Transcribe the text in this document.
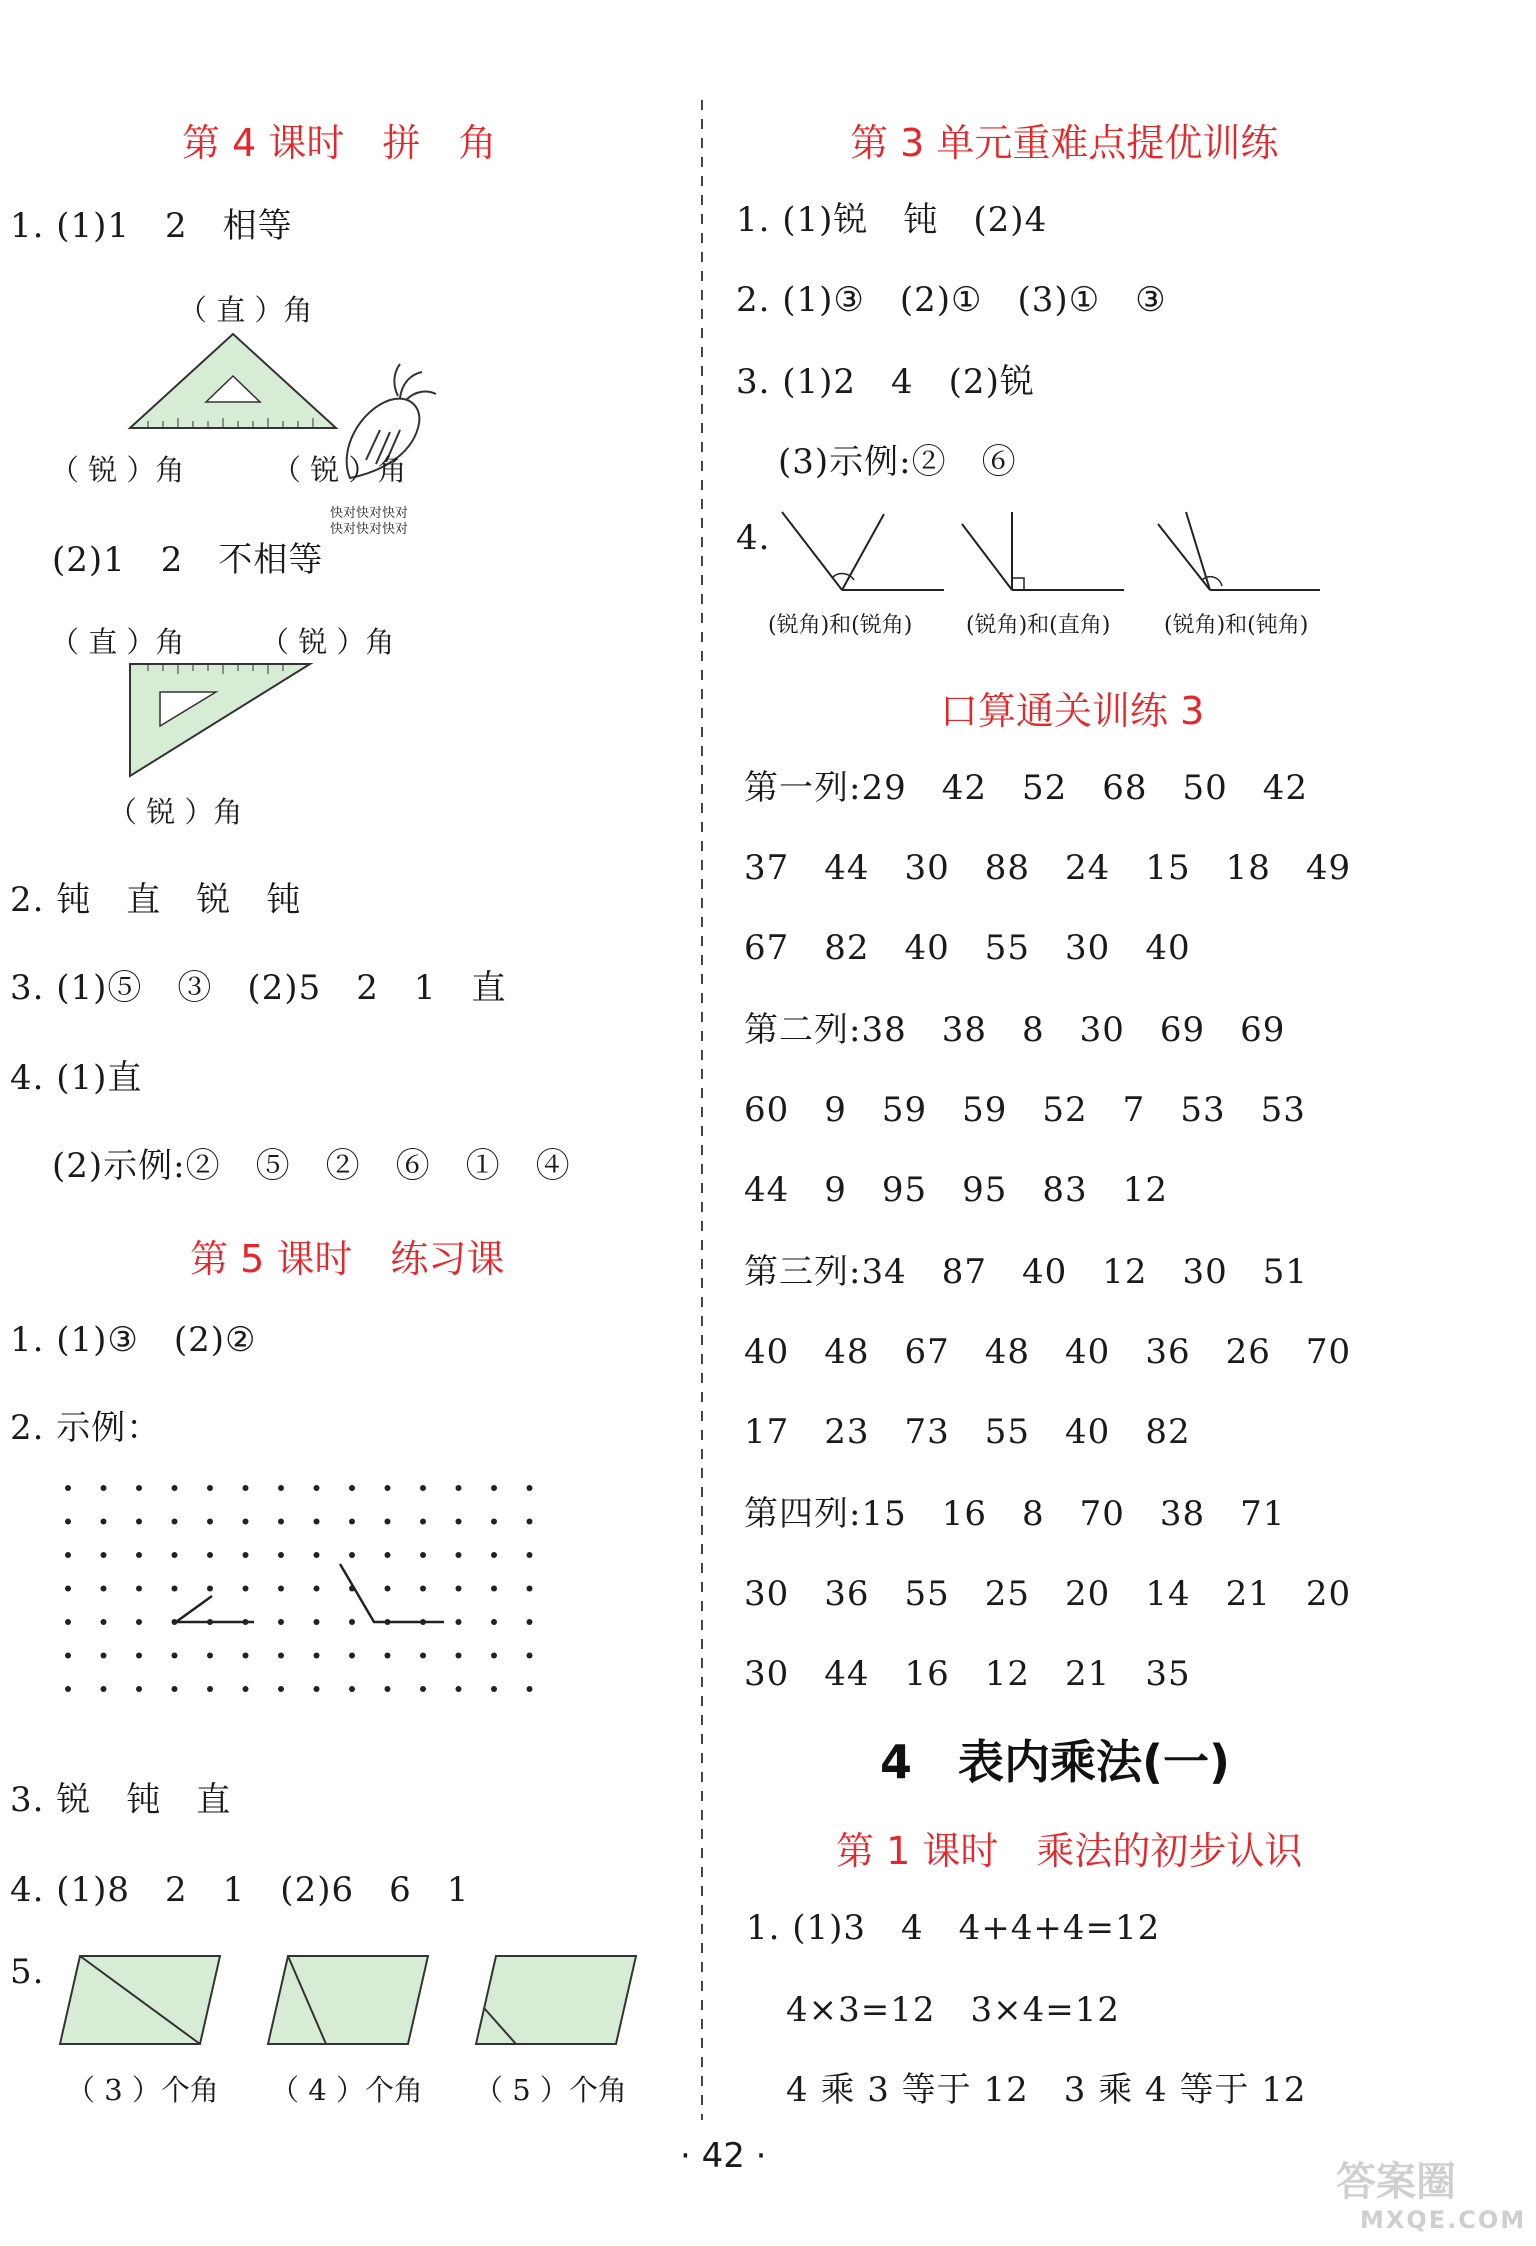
第 4 课时　拼　角
1. (1)1　2　相等
（ 直 ）角
（ 锐 ）角	（ 锐 ）角
快对快对快对
快对快对快对
(2)1　2　不相等
（ 直 ）角	（ 锐 ）角
（ 锐 ）角
2. 钝　直　锐　钝
3. (1)⑤　③　(2)5　2　1　直
4. (1)直
(2)示例:②　⑤　②　⑥　①　④
第 5 课时　练习课
1. (1)③　(2)②
2. 示例：
3. 锐　钝　直
4. (1)8　2　1　(2)6　6　1
5.
（ 3 ）个角 （ 4 ）个角 （ 5 ）个角
第 3 单元重难点提优训练
1. (1)锐　钝　(2)4
2. (1)③　(2)①　(3)①　③
3. (1)2　4　(2)锐
(3)示例:②　⑥
4.
(锐角)和(锐角) (锐角)和(直角) (锐角)和(钝角)
口算通关训练 3
第一列:29　42　52　68　50　42
37　44　30　88　24　15　18　49
67　82　40　55　30　40
第二列:38　38　8　30　69　69
60　9　59　59　52　7　53　53
44　9　95　95　83　12
第三列:34　87　40　12　30　51
40　48　67　48　40　36　26　70
17　23　73　55　40　82
第四列:15　16　8　70　38　71
30　36　55　25　20　14　21　20
30　44　16　12　21　35
4　表内乘法(一)
第 1 课时　乘法的初步认识
1. (1)3　4　4+4+4=12
4×3=12　3×4=12
4 乘 3 等于 12　3 乘 4 等于 12
· 42 ·
答案圈
MXQE.COM
